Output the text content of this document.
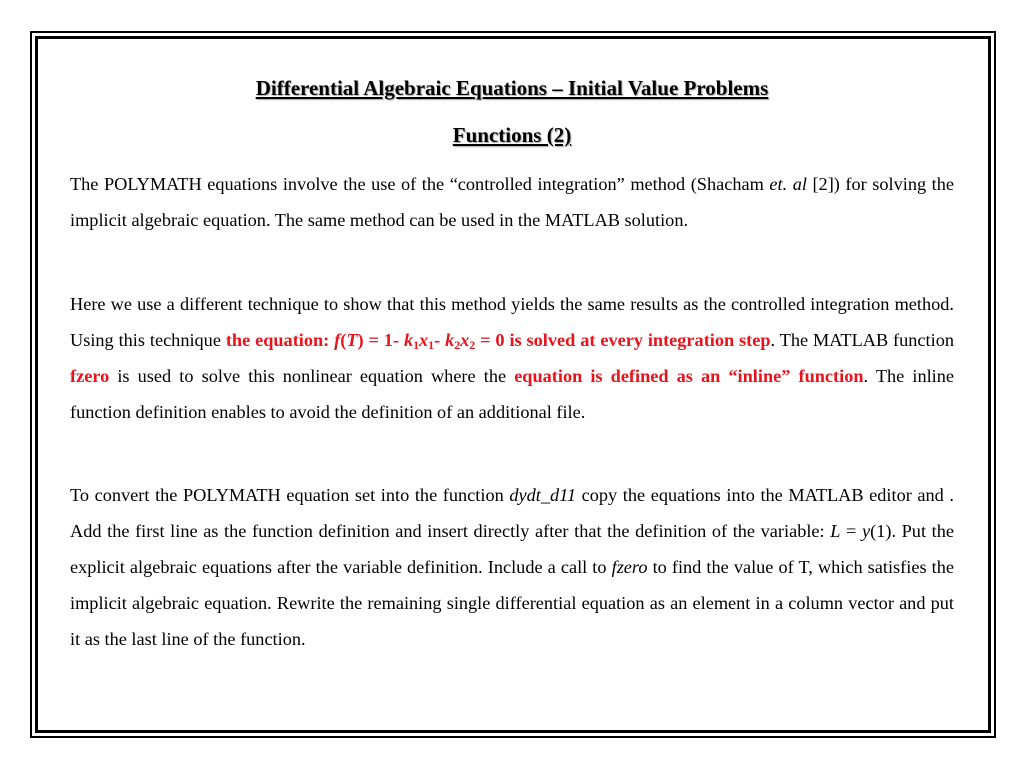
Differential Algebraic Equations – Initial Value Problems
Functions (2)
The POLYMATH equations involve the use of the “controlled integration” method (Shacham et. al [2]) for solving the implicit algebraic equation. The same method can be used in the MATLAB solution.
Here we use a different technique to show that this method yields the same results as the controlled integration method. Using this technique the equation: f(T) = 1- $k_1x_1-$ $k_2x_2 = 0$ is solved at every integration step. The MATLAB function fzero is used to solve this nonlinear equation where the equation is defined as an “inline” function. The inline function definition enables to avoid the definition of an additional file.
To convert the POLYMATH equation set into the function dydt_d11 copy the equations into the MATLAB editor and . Add the first line as the function definition and insert directly after that the definition of the variable: L = y(1). Put the explicit algebraic equations after the variable definition. Include a call to fzero to find the value of T, which satisfies the implicit algebraic equation. Rewrite the remaining single differential equation as an element in a column vector and put it as the last line of the function.
